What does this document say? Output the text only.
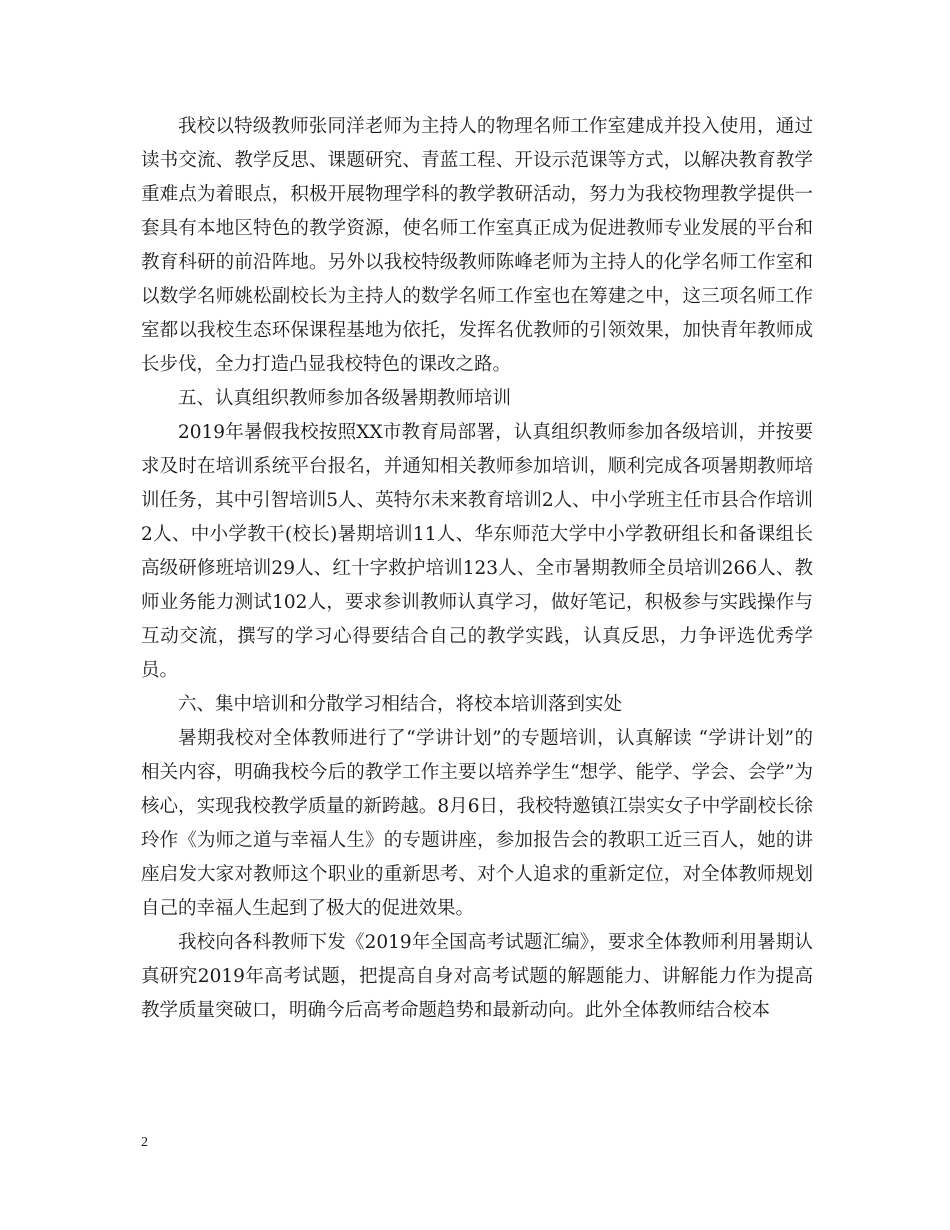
我校以特级教师张同洋老师为主持人的物理名师工作室建成并投入使用，通过读书交流、教学反思、课题研究、青蓝工程、开设示范课等方式，以解决教育教学重难点为着眼点，积极开展物理学科的教学教研活动，努力为我校物理教学提供一套具有本地区特色的教学资源，使名师工作室真正成为促进教师专业发展的平台和教育科研的前沿阵地。另外以我校特级教师陈峰老师为主持人的化学名师工作室和以数学名师姚松副校长为主持人的数学名师工作室也在筹建之中，这三项名师工作室都以我校生态环保课程基地为依托，发挥名优教师的引领效果，加快青年教师成长步伐，全力打造凸显我校特色的课改之路。

五、认真组织教师参加各级暑期教师培训

2019年暑假我校按照XX市教育局部署，认真组织教师参加各级培训，并按要求及时在培训系统平台报名，并通知相关教师参加培训，顺利完成各项暑期教师培训任务，其中引智培训5人、英特尔未来教育培训2人、中小学班主任市县合作培训2人、中小学教干(校长)暑期培训11人、华东师范大学中小学教研组长和备课组长高级研修班培训29人、红十字救护培训123人、全市暑期教师全员培训266人、教师业务能力测试102人，要求参训教师认真学习，做好笔记，积极参与实践操作与互动交流，撰写的学习心得要结合自己的教学实践，认真反思，力争评选优秀学员。

六、集中培训和分散学习相结合，将校本培训落到实处

暑期我校对全体教师进行了“学讲计划”的专题培训，认真解读 “学讲计划”的相关内容，明确我校今后的教学工作主要以培养学生“想学、能学、学会、会学”为核心，实现我校教学质量的新跨越。8月6日，我校特邀镇江崇实女子中学副校长徐玲作《为师之道与幸福人生》的专题讲座，参加报告会的教职工近三百人，她的讲座启发大家对教师这个职业的重新思考、对个人追求的重新定位，对全体教师规划自己的幸福人生起到了极大的促进效果。

我校向各科教师下发《2019年全国高考试题汇编》，要求全体教师利用暑期认真研究2019年高考试题，把提高自身对高考试题的解题能力、讲解能力作为提高教学质量突破口，明确今后高考命题趋势和最新动向。此外全体教师结合校本

2
